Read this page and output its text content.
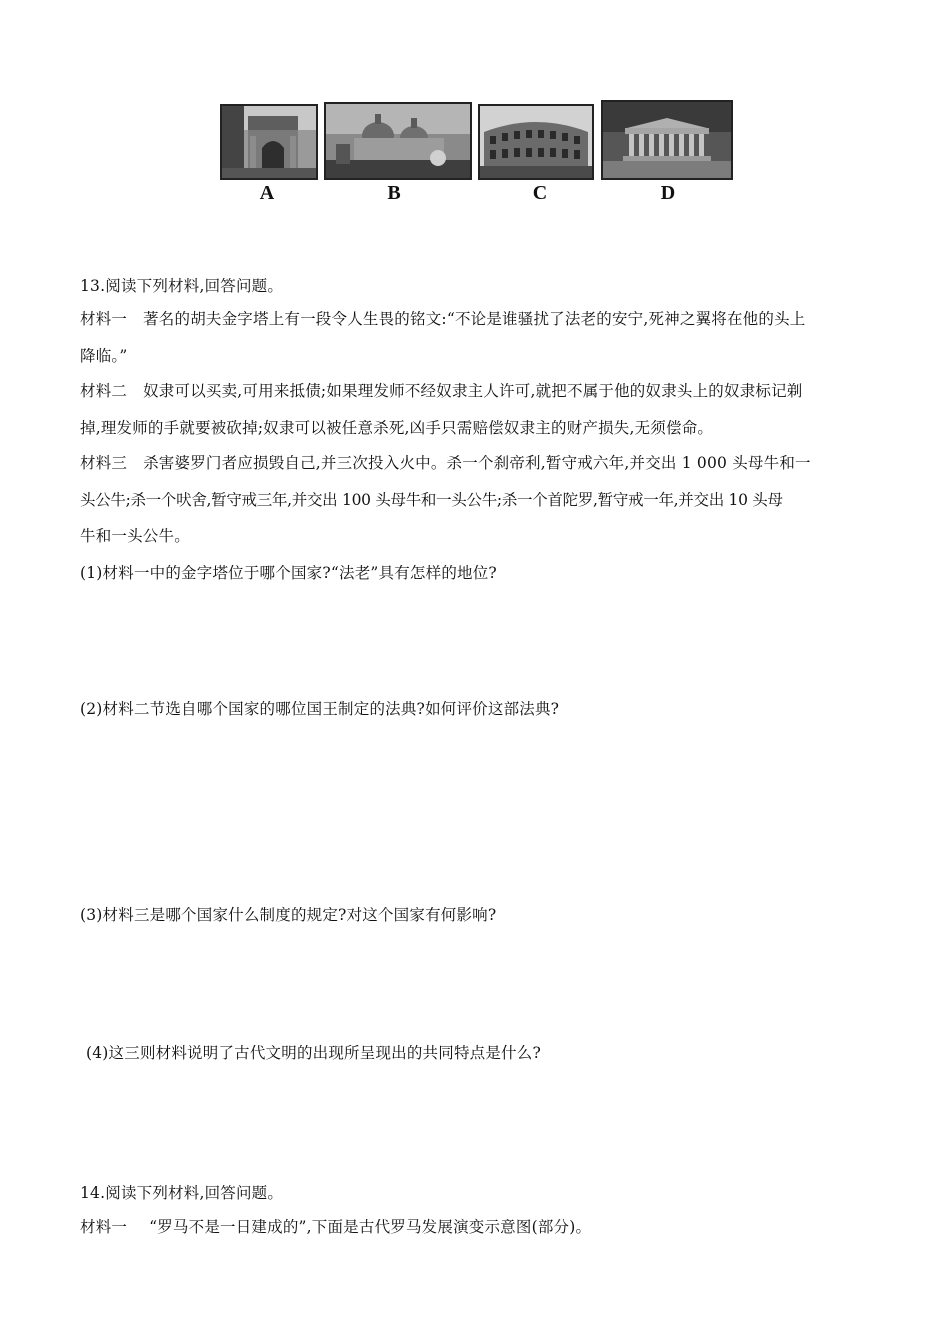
A	B	C	D
13.阅读下列材料,回答问题。
材料一 著名的胡夫金字塔上有一段令人生畏的铭文:“不论是谁骚扰了法老的安宁,死神之翼将在他的头上
降临。”
材料二 奴隶可以买卖,可用来抵债;如果理发师不经奴隶主人许可,就把不属于他的奴隶头上的奴隶标记剃
掉,理发师的手就要被砍掉;奴隶可以被任意杀死,凶手只需赔偿奴隶主的财产损失,无须偿命。
材料三 杀害婆罗门者应损毁自己,并三次投入火中。杀一个刹帝利,暂守戒六年,并交出 1 000 头母牛和一
头公牛;杀一个吠舍,暂守戒三年,并交出 100 头母牛和一头公牛;杀一个首陀罗,暂守戒一年,并交出 10 头母
牛和一头公牛。
(1)材料一中的金字塔位于哪个国家?“法老”具有怎样的地位?
(2)材料二节选自哪个国家的哪位国王制定的法典?如何评价这部法典?
(3)材料三是哪个国家什么制度的规定?对这个国家有何影响?
(4)这三则材料说明了古代文明的出现所呈现出的共同特点是什么?
14.阅读下列材料,回答问题。
材料一 “罗马不是一日建成的”,下面是古代罗马发展演变示意图(部分)。
